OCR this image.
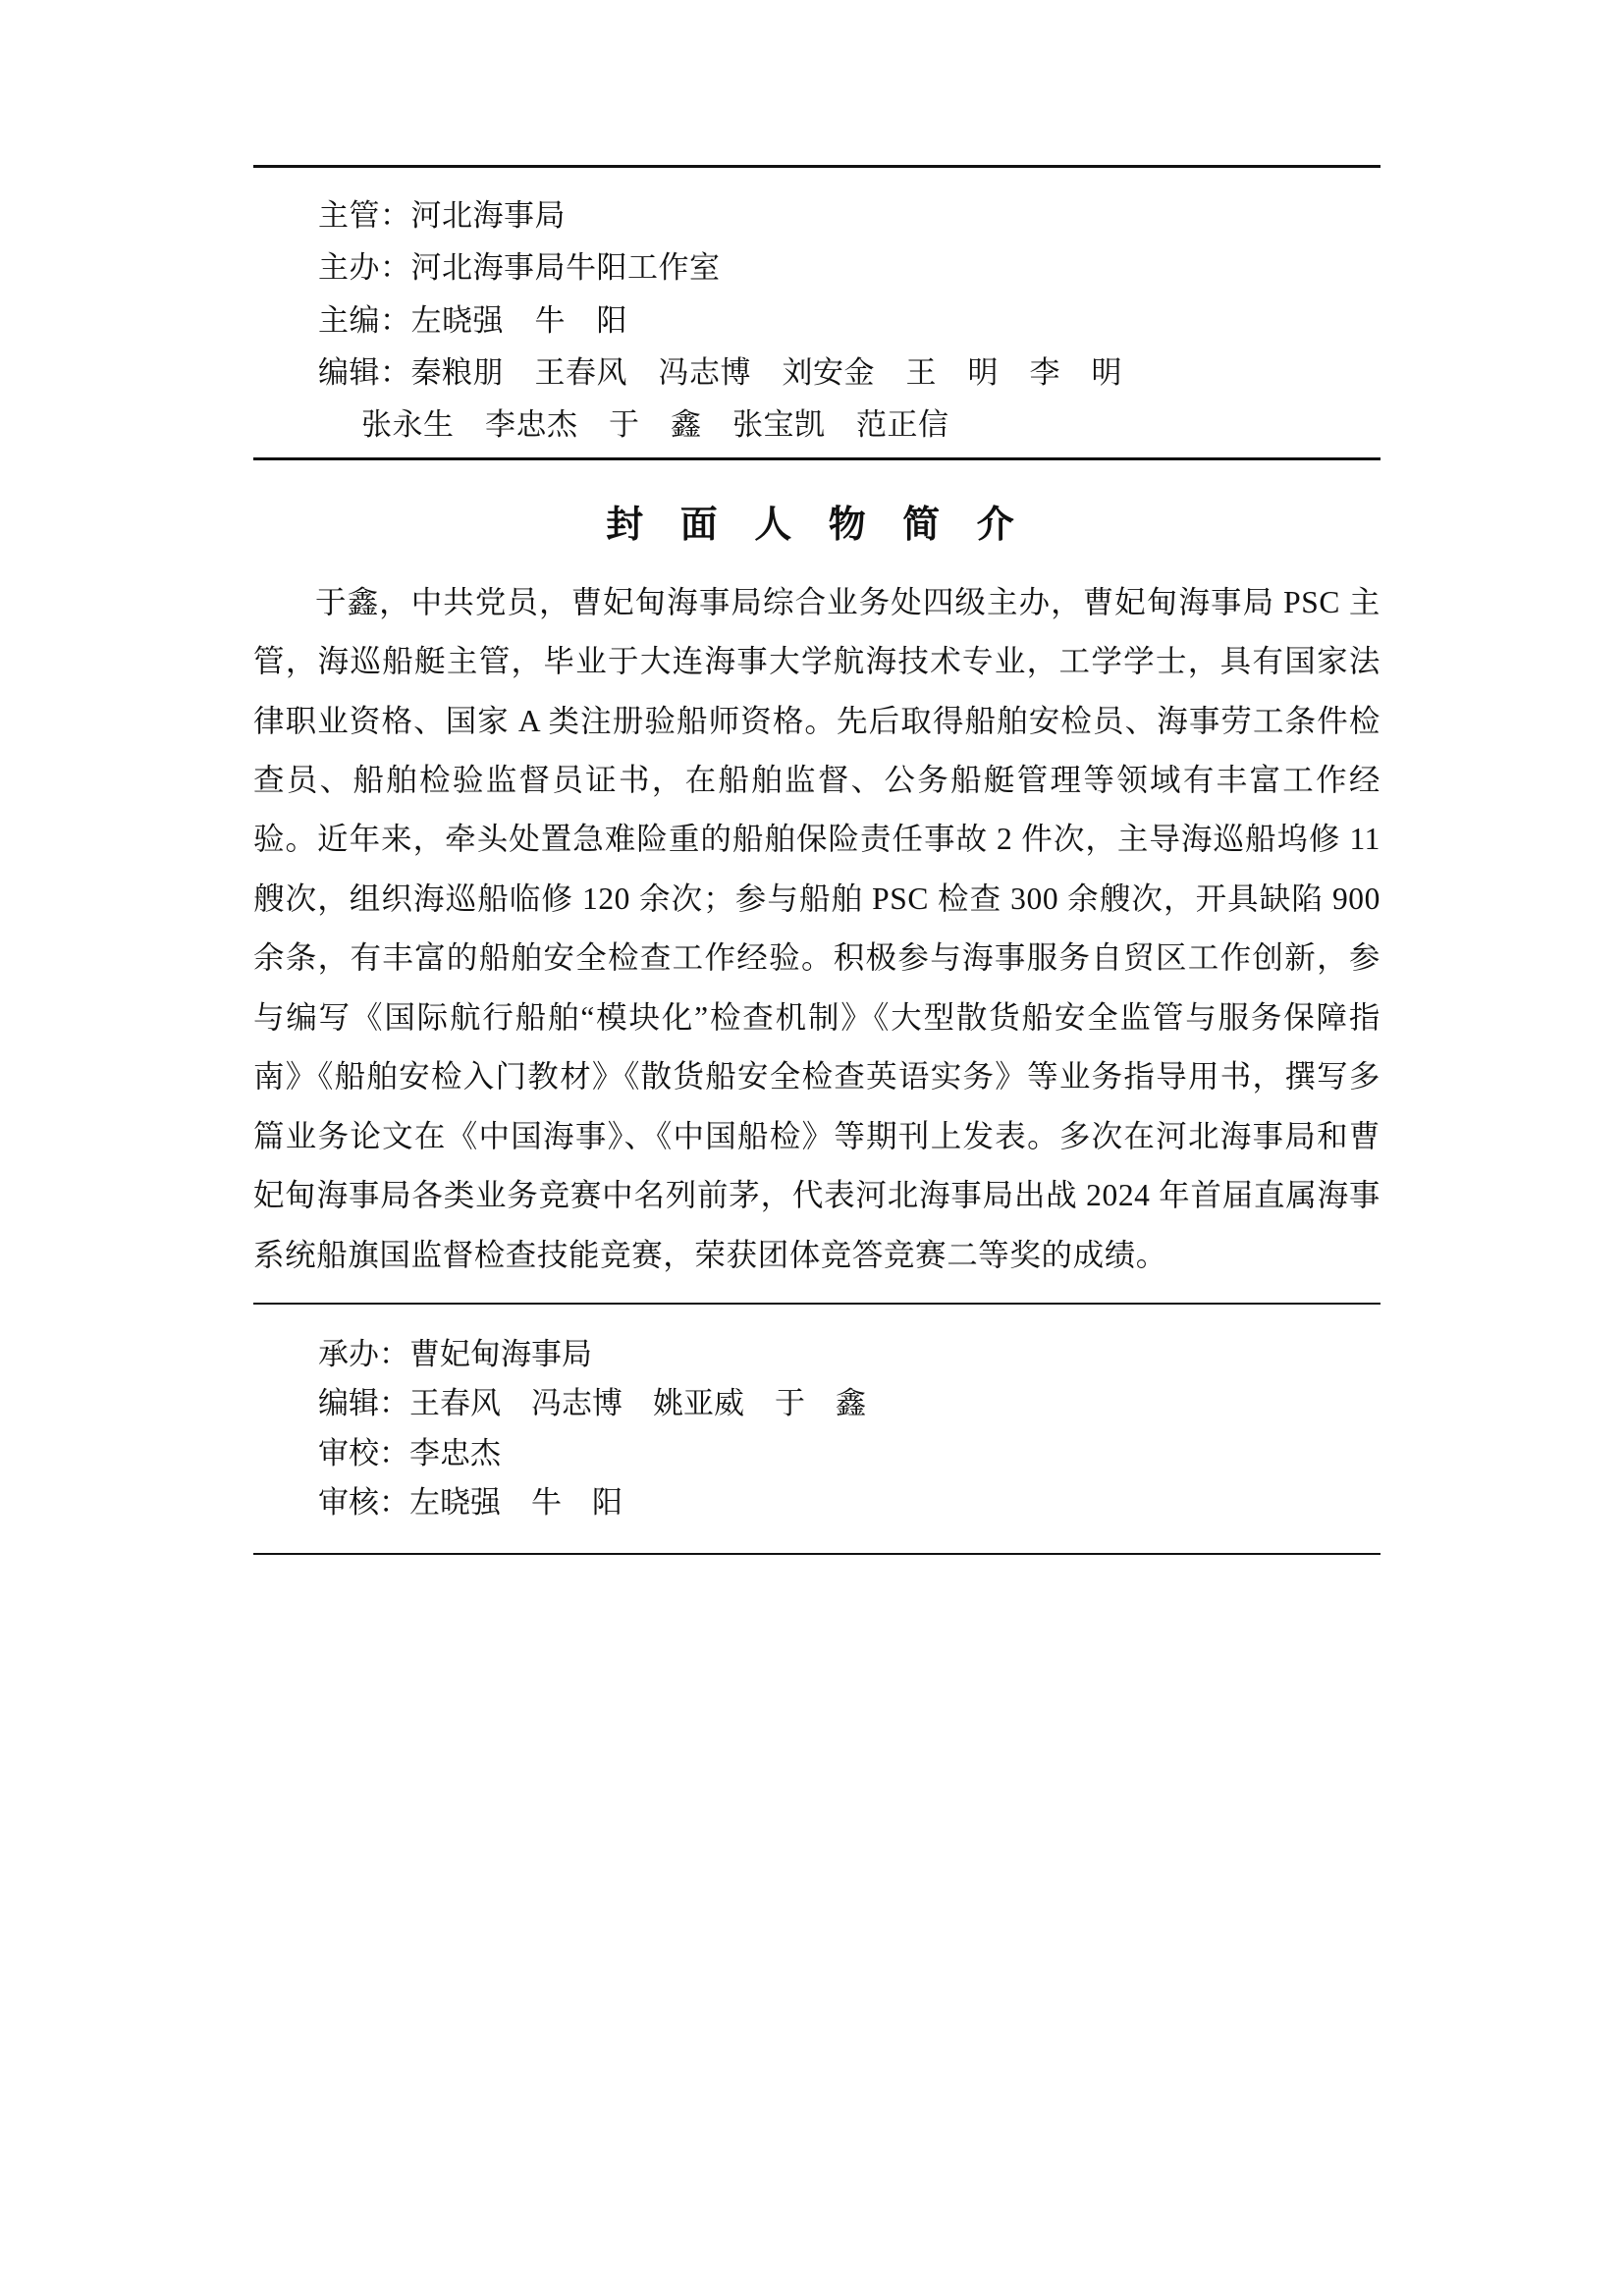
主管：河北海事局
主办：河北海事局牛阳工作室
主编：左晓强　牛　阳
编辑：秦粮朋　王春风　冯志博　刘安金　王　明　李　明
张永生　李忠杰　于　鑫　张宝凯　范正信
封 面 人 物 简 介

于鑫，中共党员，曹妃甸海事局综合业务处四级主办，曹妃甸海事局 PSC 主管，海巡船艇主管，毕业于大连海事大学航海技术专业，工学学士，具有国家法律职业资格、国家 A 类注册验船师资格。先后取得船舶安检员、海事劳工条件检查员、船舶检验监督员证书，在船舶监督、公务船艇管理等领域有丰富工作经验。近年来，牵头处置急难险重的船舶保险责任事故 2 件次，主导海巡船坞修 11 艘次，组织海巡船临修 120 余次；参与船舶 PSC 检查 300 余艘次，开具缺陷 900 余条，有丰富的船舶安全检查工作经验。积极参与海事服务自贸区工作创新，参与编写《国际航行船舶“模块化”检查机制》《大型散货船安全监管与服务保障指南》《船舶安检入门教材》《散货船安全检查英语实务》等业务指导用书，撰写多篇业务论文在《中国海事》、《中国船检》等期刊上发表。多次在河北海事局和曹妃甸海事局各类业务竞赛中名列前茅，代表河北海事局出战 2024 年首届直属海事系统船旗国监督检查技能竞赛，荣获团体竞答竞赛二等奖的成绩。

承办：曹妃甸海事局
编辑：王春风　冯志博　姚亚威　于　鑫
审校：李忠杰
审核：左晓强　牛　阳
